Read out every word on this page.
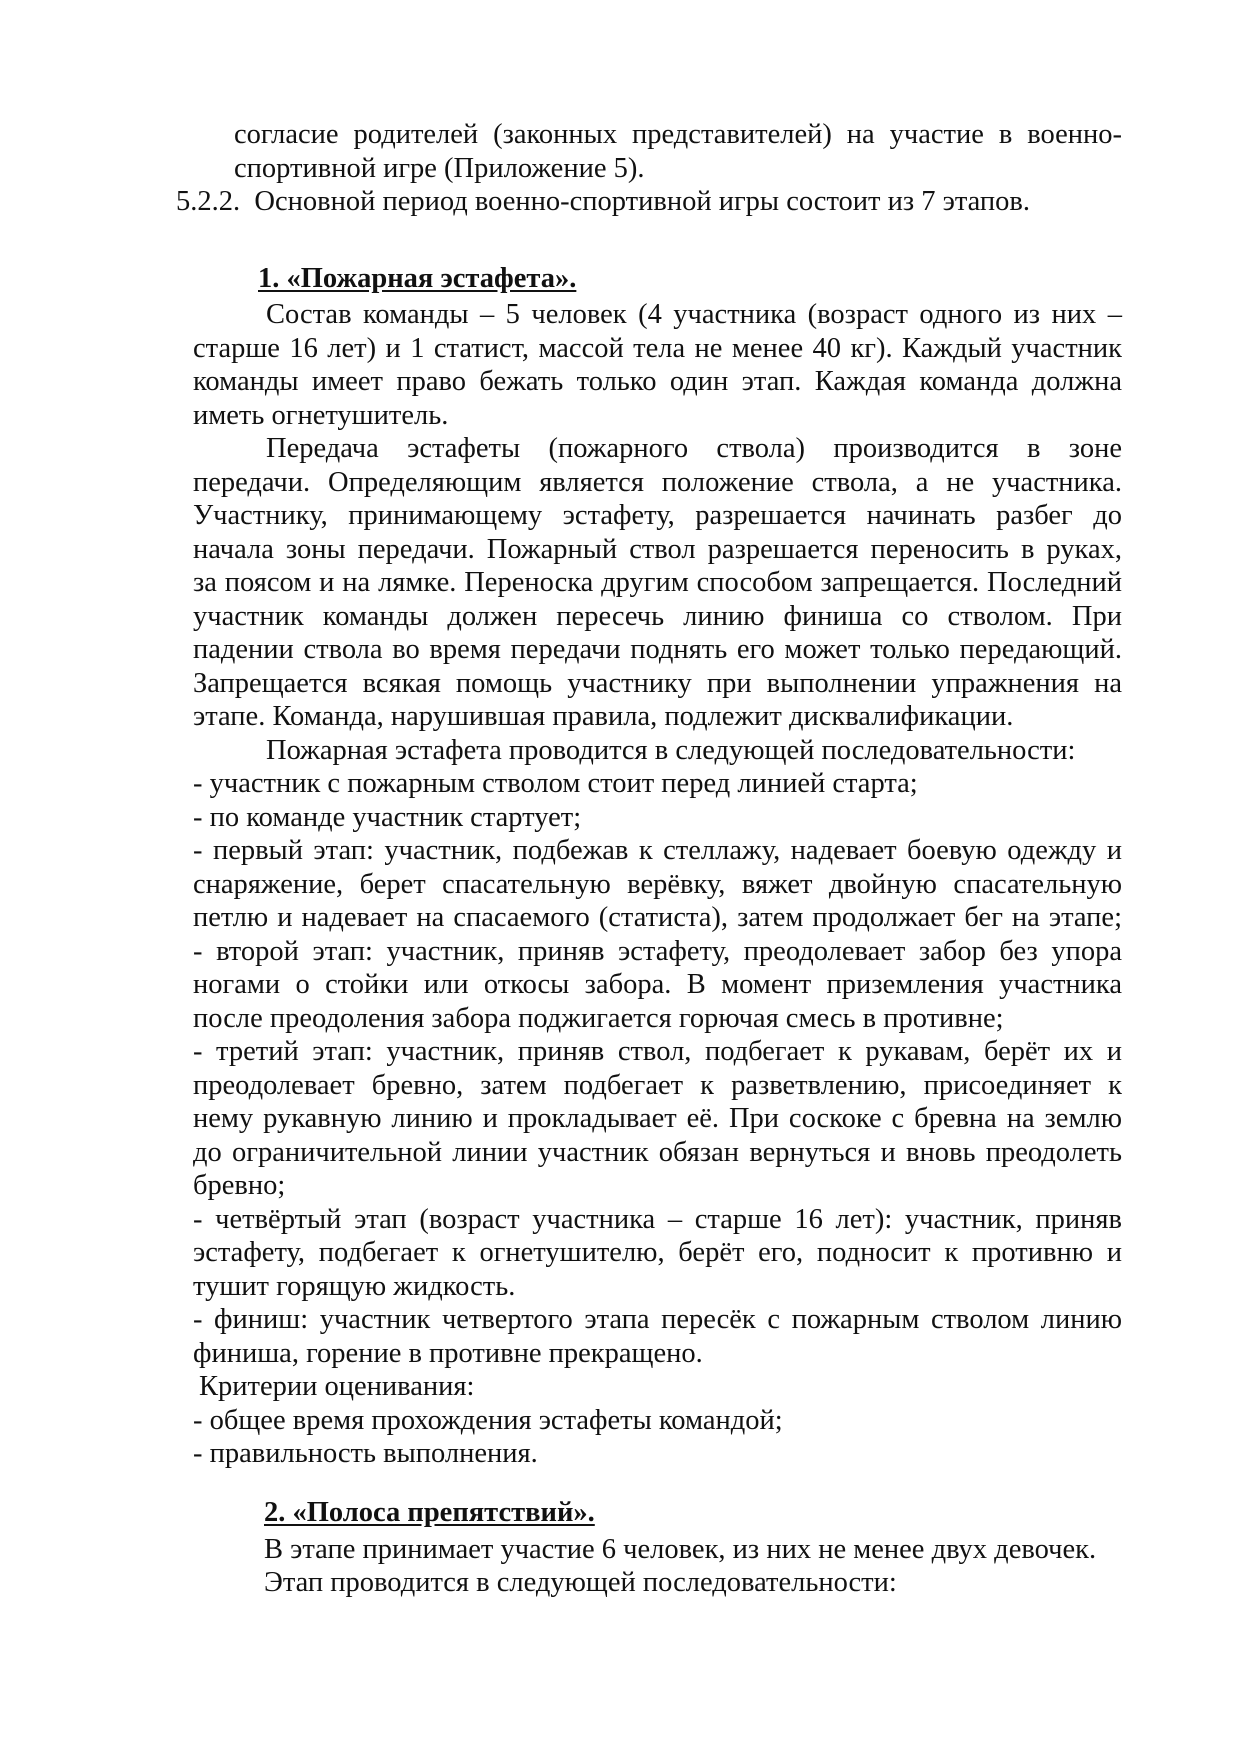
согласие родителей (законных представителей) на участие в военно-
спортивной игре (Приложение 5).
5.2.2. Основной период военно-спортивной игры состоит из 7 этапов.
1. «Пожарная эстафета».
Состав команды – 5 человек (4 участника (возраст одного из них –
старше 16 лет) и 1 статист, массой тела не менее 40 кг). Каждый участник
команды имеет право бежать только один этап. Каждая команда должна
иметь огнетушитель.
Передача эстафеты (пожарного ствола) производится в зоне
передачи. Определяющим является положение ствола, а не участника.
Участнику, принимающему эстафету, разрешается начинать разбег до
начала зоны передачи. Пожарный ствол разрешается переносить в руках,
за поясом и на лямке. Переноска другим способом запрещается. Последний
участник команды должен пересечь линию финиша со стволом. При
падении ствола во время передачи поднять его может только передающий.
Запрещается всякая помощь участнику при выполнении упражнения на
этапе. Команда, нарушившая правила, подлежит дисквалификации.
Пожарная эстафета проводится в следующей последовательности:
- участник с пожарным стволом стоит перед линией старта;
- по команде участник стартует;
- первый этап: участник, подбежав к стеллажу, надевает боевую одежду и
снаряжение, берет спасательную верёвку, вяжет двойную спасательную
петлю и надевает на спасаемого (статиста), затем продолжает бег на этапе;
- второй этап: участник, приняв эстафету, преодолевает забор без упора
ногами о стойки или откосы забора. В момент приземления участника
после преодоления забора поджигается горючая смесь в противне;
- третий этап: участник, приняв ствол, подбегает к рукавам, берёт их и
преодолевает бревно, затем подбегает к разветвлению, присоединяет к
нему рукавную линию и прокладывает её. При соскоке с бревна на землю
до ограничительной линии участник обязан вернуться и вновь преодолеть
бревно;
- четвёртый этап (возраст участника – старше 16 лет): участник, приняв
эстафету, подбегает к огнетушителю, берёт его, подносит к противню и
тушит горящую жидкость.
- финиш: участник четвертого этапа пересёк с пожарным стволом линию
финиша, горение в противне прекращено.
Критерии оценивания:
- общее время прохождения эстафеты командой;
- правильность выполнения.
2. «Полоса препятствий».
В этапе принимает участие 6 человек, из них не менее двух девочек.
Этап проводится в следующей последовательности:
